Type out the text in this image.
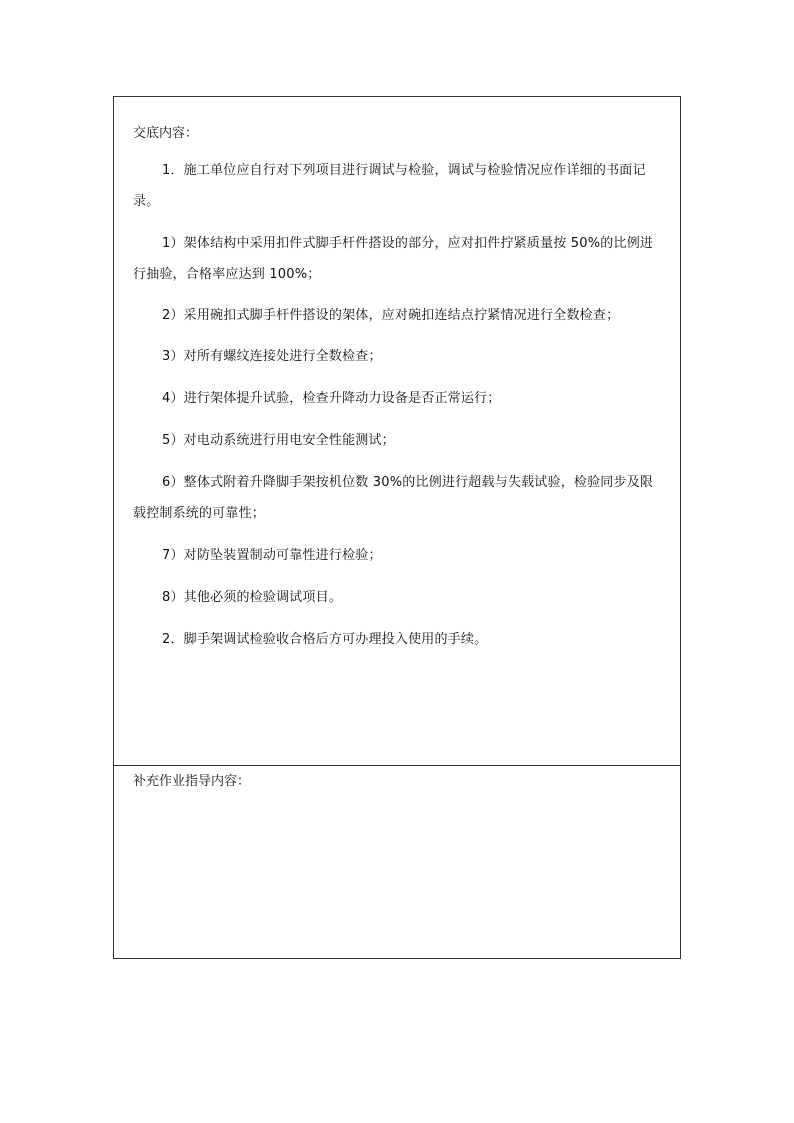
交底内容：
1．施工单位应自行对下列项目进行调试与检验，调试与检验情况应作详细的书面记录。
1）架体结构中采用扣件式脚手杆件搭设的部分，应对扣件拧紧质量按 50%的比例进行抽验，合格率应达到 100%；
2）采用碗扣式脚手杆件搭设的架体，应对碗扣连结点拧紧情况进行全数检查；
3）对所有螺纹连接处进行全数检查；
4）进行架体提升试验，检查升降动力设备是否正常运行；
5）对电动系统进行用电安全性能测试；
6）整体式附着升降脚手架按机位数 30%的比例进行超载与失载试验，检验同步及限载控制系统的可靠性；
7）对防坠装置制动可靠性进行检验；
8）其他必须的检验调试项目。
2．脚手架调试检验收合格后方可办理投入使用的手续。
补充作业指导内容：
